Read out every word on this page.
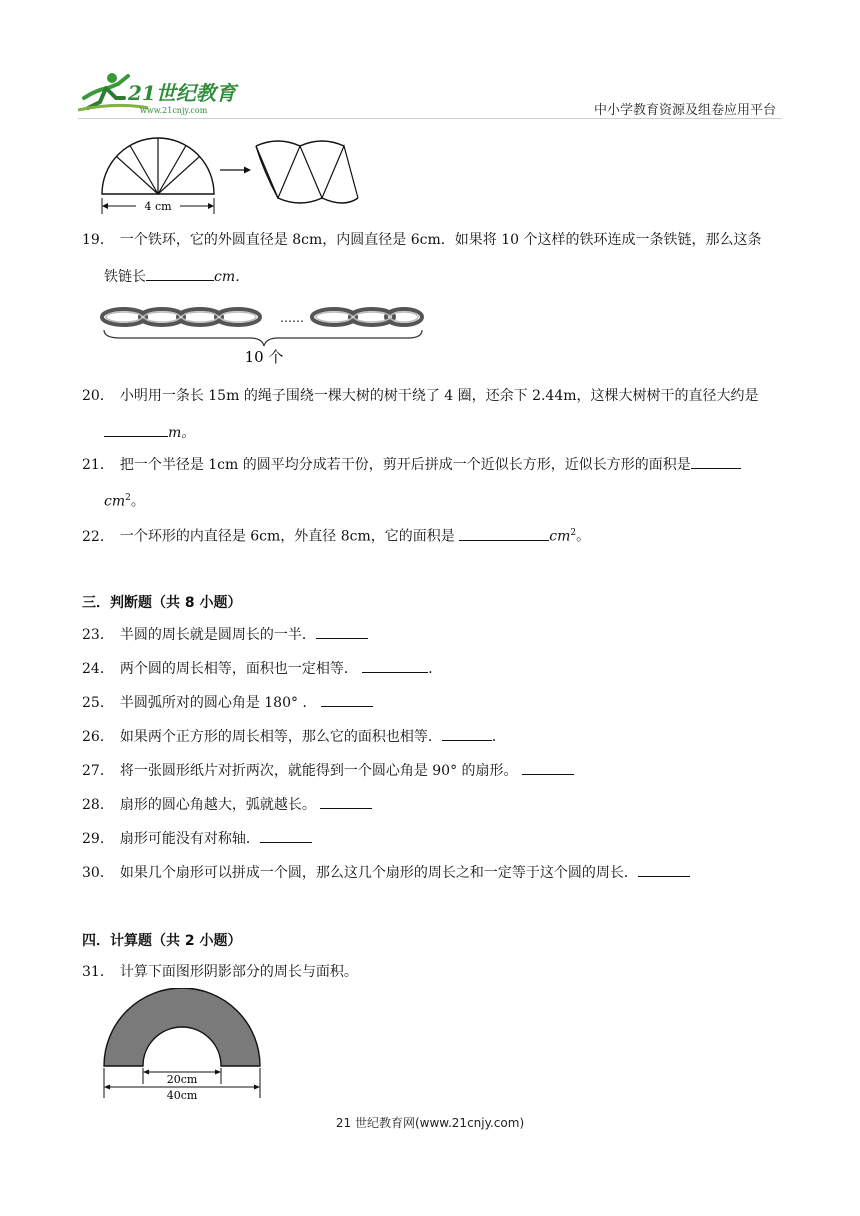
21世纪教育
www.21cnjy.com	中小学教育资源及组卷应用平台
4 cm
19． 一个铁环，它的外圆直径是 8cm，内圆直径是 6cm．如果将 10 个这样的铁环连成一条铁链，那么这条
铁链长	cm．
……
10 个
20． 小明用一条长 15m 的绳子围绕一棵大树的树干绕了 4 圈，还余下 2.44m，这棵大树树干的直径大约是
m。
21． 把一个半径是 1cm 的圆平均分成若干份，剪开后拼成一个近似长方形，近似长方形的面积是
$cm^2$。
22． 一个环形的内直径是 6cm，外直径 8cm，它的面积是	$cm^2$。
三．判断题（共 8 小题）
23． 半圆的周长就是圆周长的一半．
24． 两个圆的周长相等，面积也一定相等．	．
25． 半圆弧所对的圆心角是 180° ．
26． 如果两个正方形的周长相等，那么它的面积也相等．	．
27． 将一张圆形纸片对折两次，就能得到一个圆心角是 90° 的扇形。
28． 扇形的圆心角越大，弧就越长。
29． 扇形可能没有对称轴．
30． 如果几个扇形可以拼成一个圆，那么这几个扇形的周长之和一定等于这个圆的周长．
四．计算题（共 2 小题）
31． 计算下面图形阴影部分的周长与面积。
20cm
40cm
21 世纪教育网(www.21cnjy.com)
